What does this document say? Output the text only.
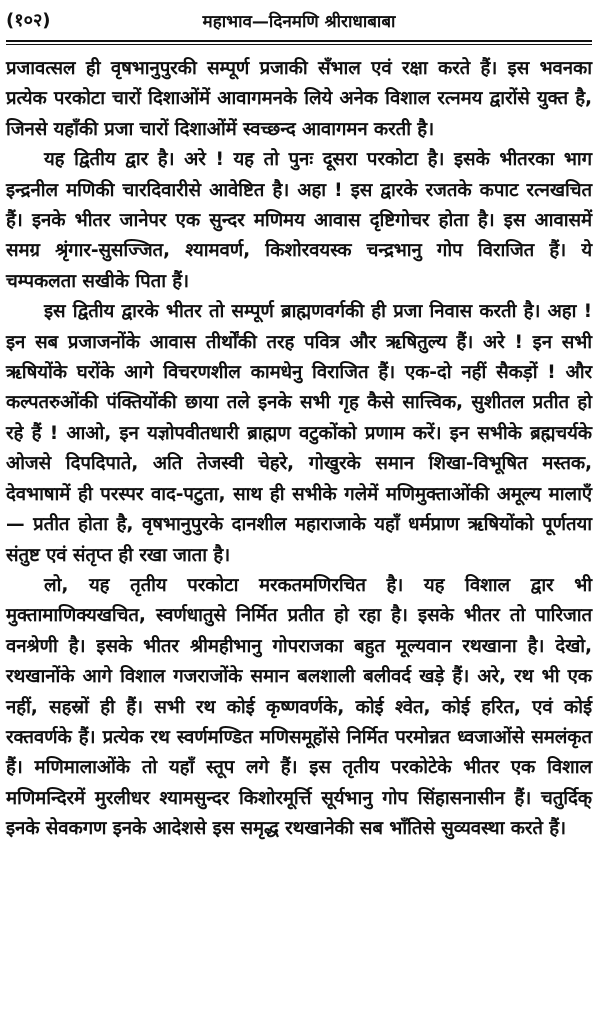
(१०२)	महाभाव—दिनमणि श्रीराधाबाबा

प्रजावत्सल ही वृषभानुपुरकी सम्पूर्ण प्रजाकी सँभाल एवं रक्षा करते हैं। इस भवनका प्रत्येक परकोटा चारों दिशाओंमें आवागमनके लिये अनेक विशाल रत्नमय द्वारोंसे युक्त है, जिनसे यहाँकी प्रजा चारों दिशाओंमें स्वच्छन्द आवागमन करती है।

यह द्वितीय द्वार है। अरे ! यह तो पुनः दूसरा परकोटा है। इसके भीतरका भाग इन्द्रनील मणिकी चारदिवारीसे आवेष्टित है। अहा ! इस द्वारके रजतके कपाट रत्नखचित हैं। इनके भीतर जानेपर एक सुन्दर मणिमय आवास दृष्टिगोचर होता है। इस आवासमें समग्र श्रृंगार-सुसज्जित, श्यामवर्ण, किशोरवयस्क चन्द्रभानु गोप विराजित हैं। ये चम्पकलता सखीके पिता हैं।

इस द्वितीय द्वारके भीतर तो सम्पूर्ण ब्राह्मणवर्गकी ही प्रजा निवास करती है। अहा ! इन सब प्रजाजनोंके आवास तीर्थोंकी तरह पवित्र और ऋषितुल्य हैं। अरे ! इन सभी ऋषियोंके घरोंके आगे विचरणशील कामधेनु विराजित हैं। एक-दो नहीं सैकड़ों ! और कल्पतरुओंकी पंक्तियोंकी छाया तले इनके सभी गृह कैसे सात्त्विक, सुशीतल प्रतीत हो रहे हैं ! आओ, इन यज्ञोपवीतधारी ब्राह्मण वटुकोंको प्रणाम करें। इन सभीके ब्रह्मचर्यके ओजसे दिपदिपाते, अति तेजस्वी चेहरे, गोखुरके समान शिखा-विभूषित मस्तक, देवभाषामें ही परस्पर वाद-पटुता, साथ ही सभीके गलेमें मणिमुक्ताओंकी अमूल्य मालाएँ — प्रतीत होता है, वृषभानुपुरके दानशील महाराजाके यहाँ धर्मप्राण ऋषियोंको पूर्णतया संतुष्ट एवं संतृप्त ही रखा जाता है।

लो, यह तृतीय परकोटा मरकतमणिरचित है। यह विशाल द्वार भी मुक्तामाणिक्यखचित, स्वर्णधातुसे निर्मित प्रतीत हो रहा है। इसके भीतर तो पारिजात वनश्रेणी है। इसके भीतर श्रीमहीभानु गोपराजका बहुत मूल्यवान रथखाना है। देखो, रथखानोंके आगे विशाल गजराजोंके समान बलशाली बलीवर्द खड़े हैं। अरे, रथ भी एक नहीं, सहस्रों ही हैं। सभी रथ कोई कृष्णवर्णके, कोई श्वेत, कोई हरित, एवं कोई रक्तवर्णके हैं। प्रत्येक रथ स्वर्णमण्डित मणिसमूहोंसे निर्मित परमोन्नत ध्वजाओंसे समलंकृत हैं। मणिमालाओंके तो यहाँ स्तूप लगे हैं। इस तृतीय परकोटेके भीतर एक विशाल मणिमन्दिरमें मुरलीधर श्यामसुन्दर किशोरमूर्त्ति सूर्यभानु गोप सिंहासनासीन हैं। चतुर्दिक् इनके सेवकगण इनके आदेशसे इस समृद्ध रथखानेकी सब भाँतिसे सुव्यवस्था करते हैं।
